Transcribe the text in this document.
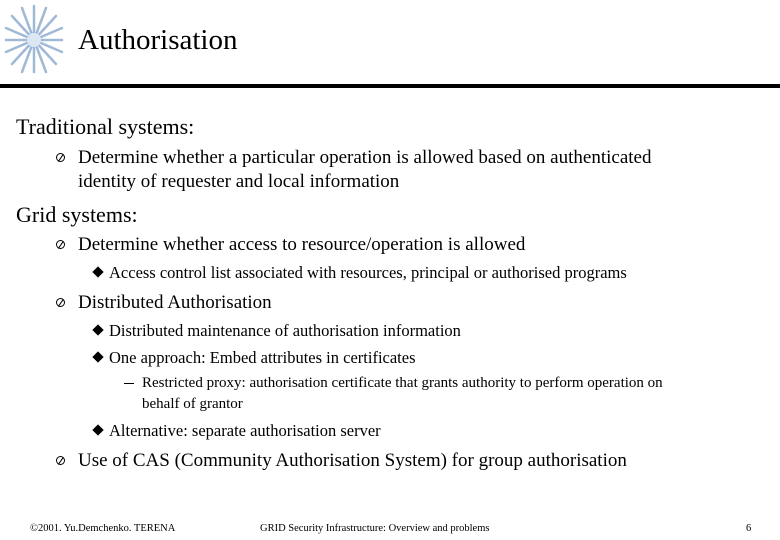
Authorisation
Traditional systems:
Determine whether a particular operation is allowed based on authenticated
identity of requester and local information
Grid systems:
Determine whether access to resource/operation is allowed
Access control list associated with resources, principal or authorised programs
Distributed Authorisation
Distributed maintenance of authorisation information
One approach: Embed attributes in certificates
Restricted proxy: authorisation certificate that grants authority to perform operation on
behalf of grantor
Alternative: separate authorisation server
Use of CAS (Community Authorisation System) for group authorisation
©2001. Yu.Demchenko. TERENA	GRID Security Infrastructure: Overview and problems	6
